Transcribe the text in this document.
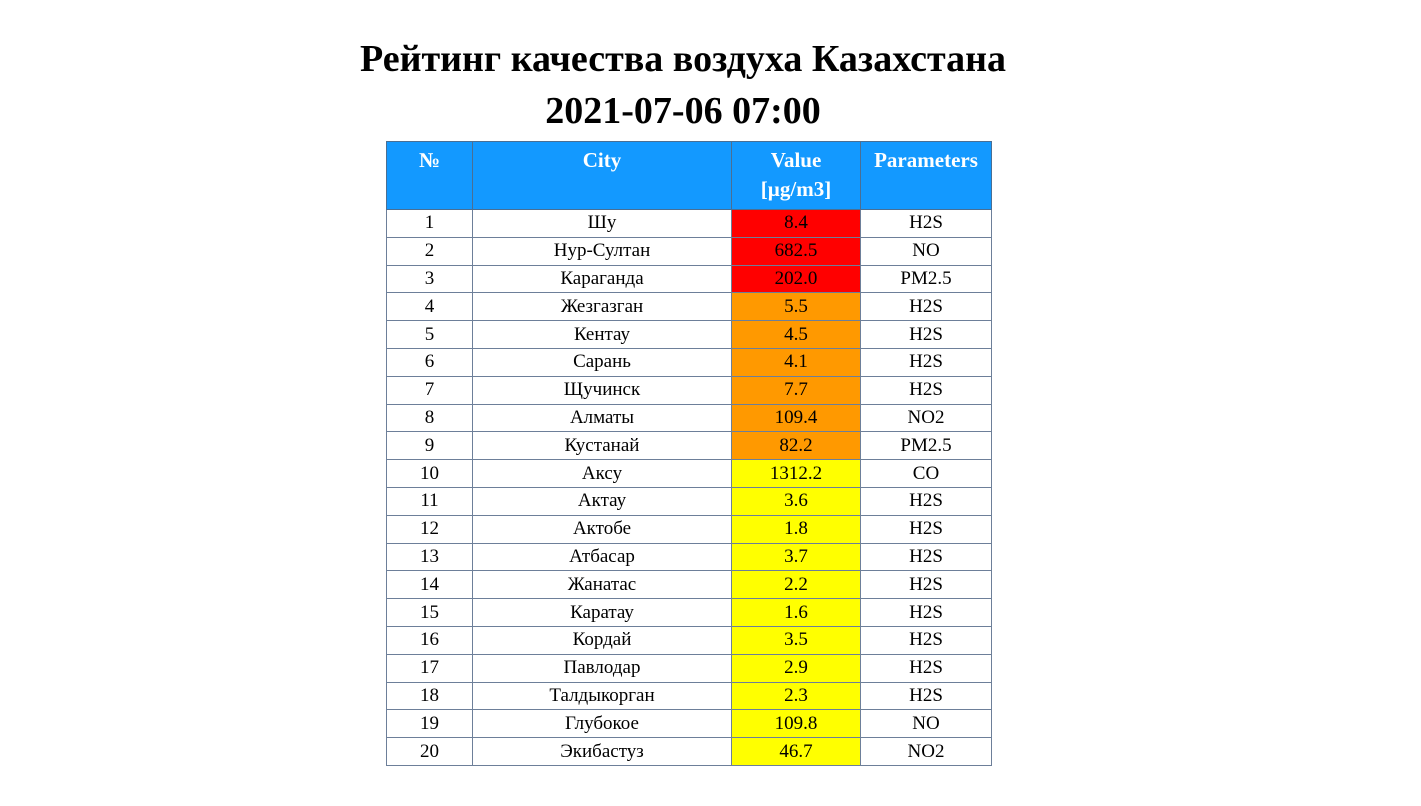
Рейтинг качества воздуха Казахстана
2021-07-06 07:00
№	City	Value [µg/m3]	Parameters
1	Шу	8.4	H2S
2	Нур-Султан	682.5	NO
3	Караганда	202.0	PM2.5
4	Жезгазган	5.5	H2S
5	Кентау	4.5	H2S
6	Сарань	4.1	H2S
7	Щучинск	7.7	H2S
8	Алматы	109.4	NO2
9	Кустанай	82.2	PM2.5
10	Аксу	1312.2	CO
11	Актау	3.6	H2S
12	Актобе	1.8	H2S
13	Атбасар	3.7	H2S
14	Жанатас	2.2	H2S
15	Каратау	1.6	H2S
16	Кордай	3.5	H2S
17	Павлодар	2.9	H2S
18	Талдыкорган	2.3	H2S
19	Глубокое	109.8	NO
20	Экибастуз	46.7	NO2
